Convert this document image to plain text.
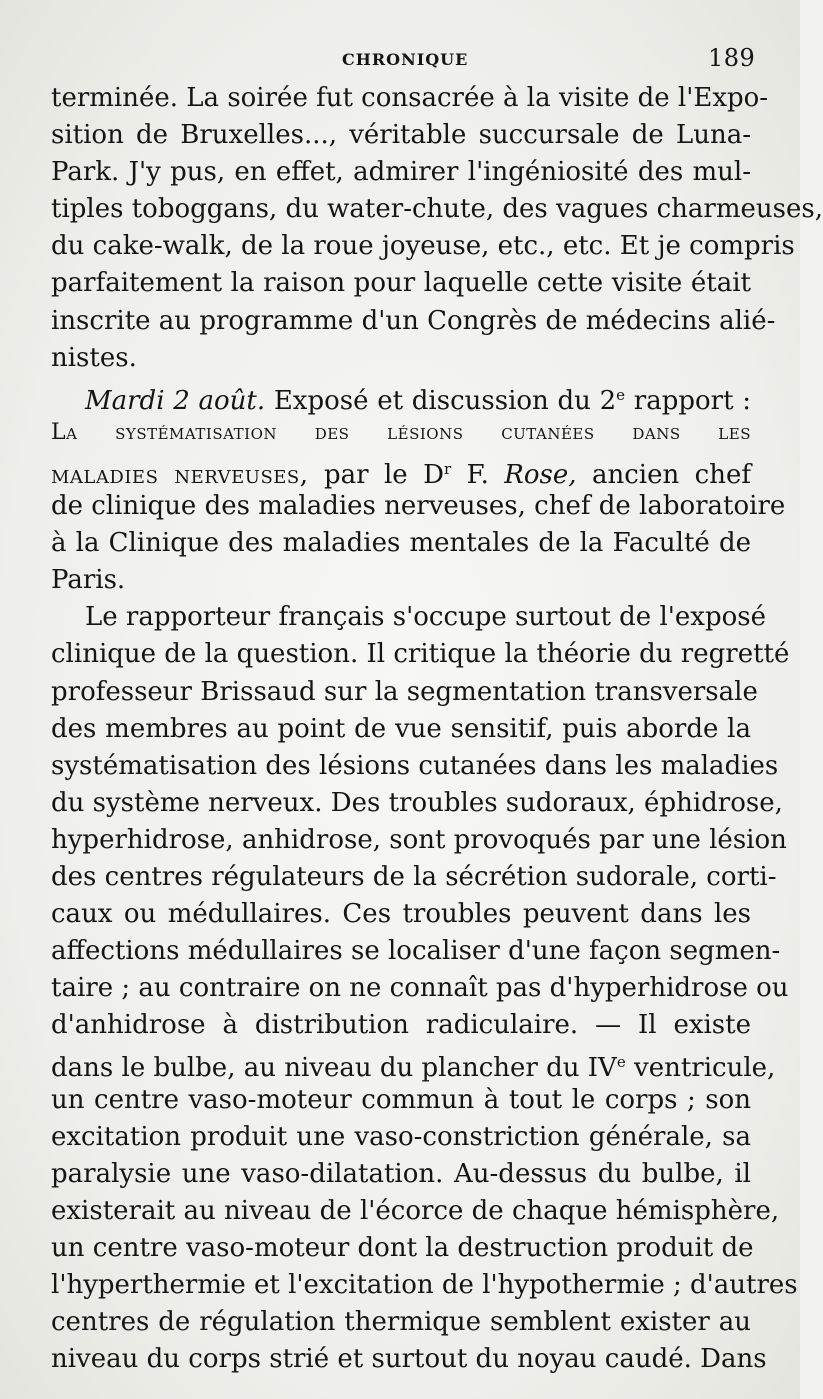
CHRONIQUE	189
terminée. La soirée fut consacrée à la visite de l'Expo-
sition de Bruxelles..., véritable succursale de Luna-
Park. J'y pus, en effet, admirer l'ingéniosité des mul-
tiples toboggans, du water-chute, des vagues charmeuses,
du cake-walk, de la roue joyeuse, etc., etc. Et je compris
parfaitement la raison pour laquelle cette visite était
inscrite au programme d'un Congrès de médecins alié-
nistes.
Mardi 2 août. Exposé et discussion du 2e rapport :
La systématisation des lésions cutanées dans les
maladies nerveuses, par le $D^r$ F. Rose, ancien chef
de clinique des maladies nerveuses, chef de laboratoire
à la Clinique des maladies mentales de la Faculté de
Paris.
Le rapporteur français s'occupe surtout de l'exposé
clinique de la question. Il critique la théorie du regretté
professeur Brissaud sur la segmentation transversale
des membres au point de vue sensitif, puis aborde la
systématisation des lésions cutanées dans les maladies
du système nerveux. Des troubles sudoraux, éphidrose,
hyperhidrose, anhidrose, sont provoqués par une lésion
des centres régulateurs de la sécrétion sudorale, corti-
caux ou médullaires. Ces troubles peuvent dans les
affections médullaires se localiser d'une façon segmen-
taire ; au contraire on ne connaît pas d'hyperhidrose ou
d'anhidrose à distribution radiculaire. — Il existe
dans le bulbe, au niveau du plancher du IVe ventricule,
un centre vaso-moteur commun à tout le corps ; son
excitation produit une vaso-constriction générale, sa
paralysie une vaso-dilatation. Au-dessus du bulbe, il
existerait au niveau de l'écorce de chaque hémisphère,
un centre vaso-moteur dont la destruction produit de
l'hyperthermie et l'excitation de l'hypothermie ; d'autres
centres de régulation thermique semblent exister au
niveau du corps strié et surtout du noyau caudé. Dans
